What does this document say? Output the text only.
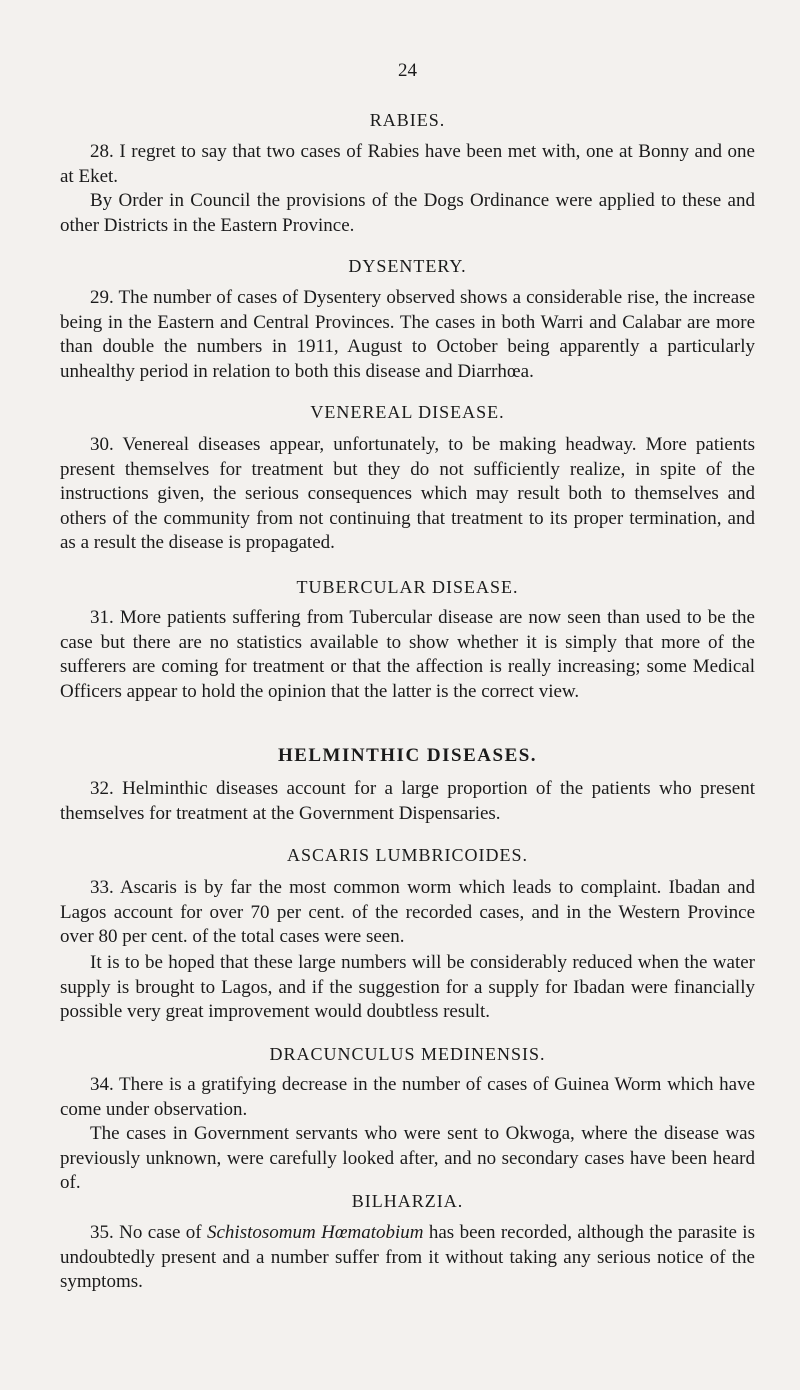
24
RABIES.

28. I regret to say that two cases of Rabies have been met with, one at Bonny and one at Eket.

By Order in Council the provisions of the Dogs Ordinance were applied to these and other Districts in the Eastern Province.

DYSENTERY.

29. The number of cases of Dysentery observed shows a considerable rise, the increase being in the Eastern and Central Provinces. The cases in both Warri and Calabar are more than double the numbers in 1911, August to October being apparently a particularly unhealthy period in relation to both this disease and Diarrhœa.

VENEREAL DISEASE.

30. Venereal diseases appear, unfortunately, to be making headway. More patients present themselves for treatment but they do not sufficiently realize, in spite of the instructions given, the serious consequences which may result both to themselves and others of the community from not continuing that treatment to its proper termination, and as a result the disease is propagated.

TUBERCULAR DISEASE.

31. More patients suffering from Tubercular disease are now seen than used to be the case but there are no statistics available to show whether it is simply that more of the sufferers are coming for treatment or that the affection is really increasing; some Medical Officers appear to hold the opinion that the latter is the correct view.

HELMINTHIC DISEASES.

32. Helminthic diseases account for a large proportion of the patients who present themselves for treatment at the Government Dispensaries.

ASCARIS LUMBRICOIDES.

33. Ascaris is by far the most common worm which leads to complaint. Ibadan and Lagos account for over 70 per cent. of the recorded cases, and in the Western Province over 80 per cent. of the total cases were seen.

It is to be hoped that these large numbers will be considerably reduced when the water supply is brought to Lagos, and if the suggestion for a supply for Ibadan were financially possible very great improvement would doubtless result.

DRACUNCULUS MEDINENSIS.

34. There is a gratifying decrease in the number of cases of Guinea Worm which have come under observation.

The cases in Government servants who were sent to Okwoga, where the disease was previously unknown, were carefully looked after, and no secondary cases have been heard of.

BILHARZIA.

35. No case of Schistosomum Hœmatobium has been recorded, although the parasite is undoubtedly present and a number suffer from it without taking any serious notice of the symptoms.
